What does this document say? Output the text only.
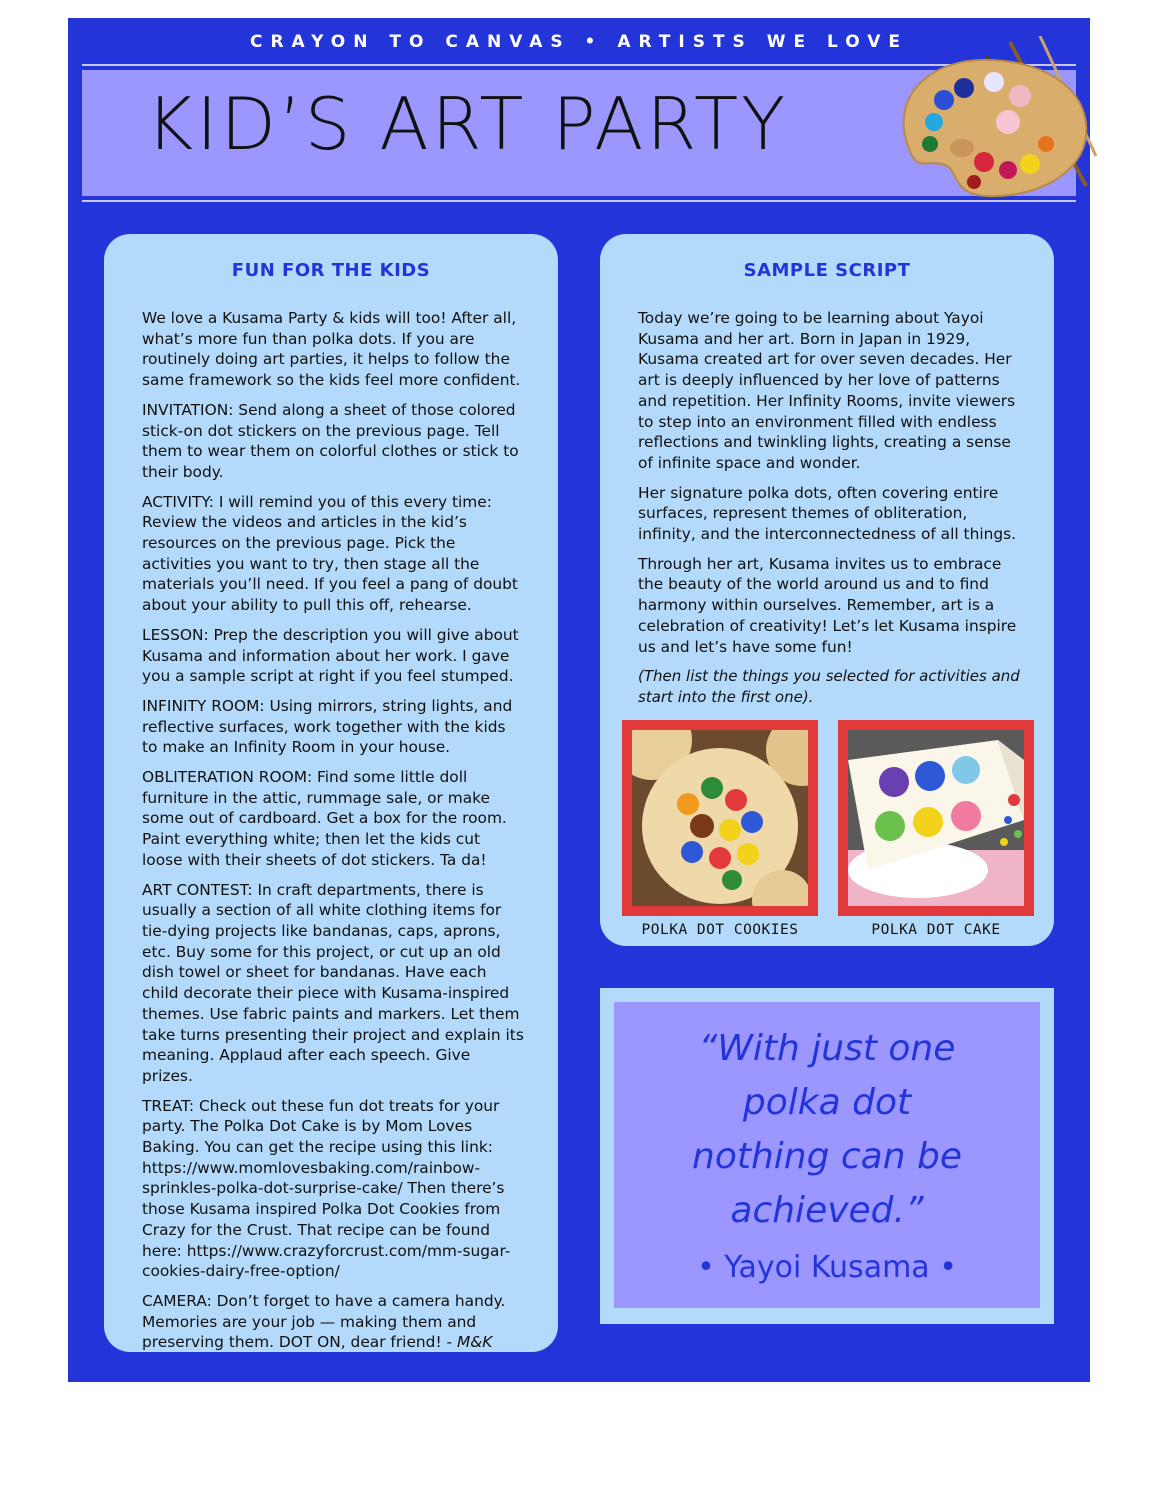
CRAYON TO CANVAS • ARTISTS WE LOVE
KID’S ART PARTY
FUN FOR THE KIDS

We love a Kusama Party & kids will too! After all, what’s more fun than polka dots. If you are routinely doing art parties, it helps to follow the same framework so the kids feel more confident.

INVITATION: Send along a sheet of those colored stick-on dot stickers on the previous page. Tell them to wear them on colorful clothes or stick to their body.

ACTIVITY: I will remind you of this every time: Review the videos and articles in the kid’s resources on the previous page. Pick the activities you want to try, then stage all the materials you’ll need. If you feel a pang of doubt about your ability to pull this off, rehearse.

LESSON: Prep the description you will give about Kusama and information about her work. I gave you a sample script at right if you feel stumped.

INFINITY ROOM: Using mirrors, string lights, and reflective surfaces, work together with the kids to make an Infinity Room in your house.

OBLITERATION ROOM: Find some little doll furniture in the attic, rummage sale, or make some out of cardboard. Get a box for the room. Paint everything white; then let the kids cut loose with their sheets of dot stickers. Ta da!

ART CONTEST: In craft departments, there is usually a section of all white clothing items for tie-dying projects like bandanas, caps, aprons, etc. Buy some for this project, or cut up an old dish towel or sheet for bandanas. Have each child decorate their piece with Kusama-inspired themes. Use fabric paints and markers. Let them take turns presenting their project and explain its meaning. Applaud after each speech. Give prizes.

TREAT: Check out these fun dot treats for your party. The Polka Dot Cake is by Mom Loves Baking. You can get the recipe using this link: https://www.momlovesbaking.com/rainbow-sprinkles-polka-dot-surprise-cake/ Then there’s those Kusama inspired Polka Dot Cookies from Crazy for the Crust. That recipe can be found here: https://www.crazyforcrust.com/mm-sugar-cookies-dairy-free-option/

CAMERA: Don’t forget to have a camera handy. Memories are your job — making them and preserving them. DOT ON, dear friend! - M&K

SAMPLE SCRIPT

Today we’re going to be learning about Yayoi Kusama and her art. Born in Japan in 1929, Kusama created art for over seven decades. Her art is deeply influenced by her love of patterns and repetition. Her Infinity Rooms, invite viewers to step into an environment filled with endless reflections and twinkling lights, creating a sense of infinite space and wonder.

Her signature polka dots, often covering entire surfaces, represent themes of obliteration, infinity, and the interconnectedness of all things.

Through her art, Kusama invites us to embrace the beauty of the world around us and to find harmony within ourselves. Remember, art is a celebration of creativity! Let’s let Kusama inspire us and let’s have some fun!

(Then list the things you selected for activities and start into the first one).

POLKA DOT COOKIES	POLKA DOT CAKE
“With just one
polka dot
nothing can be
achieved.”
• Yayoi Kusama •
